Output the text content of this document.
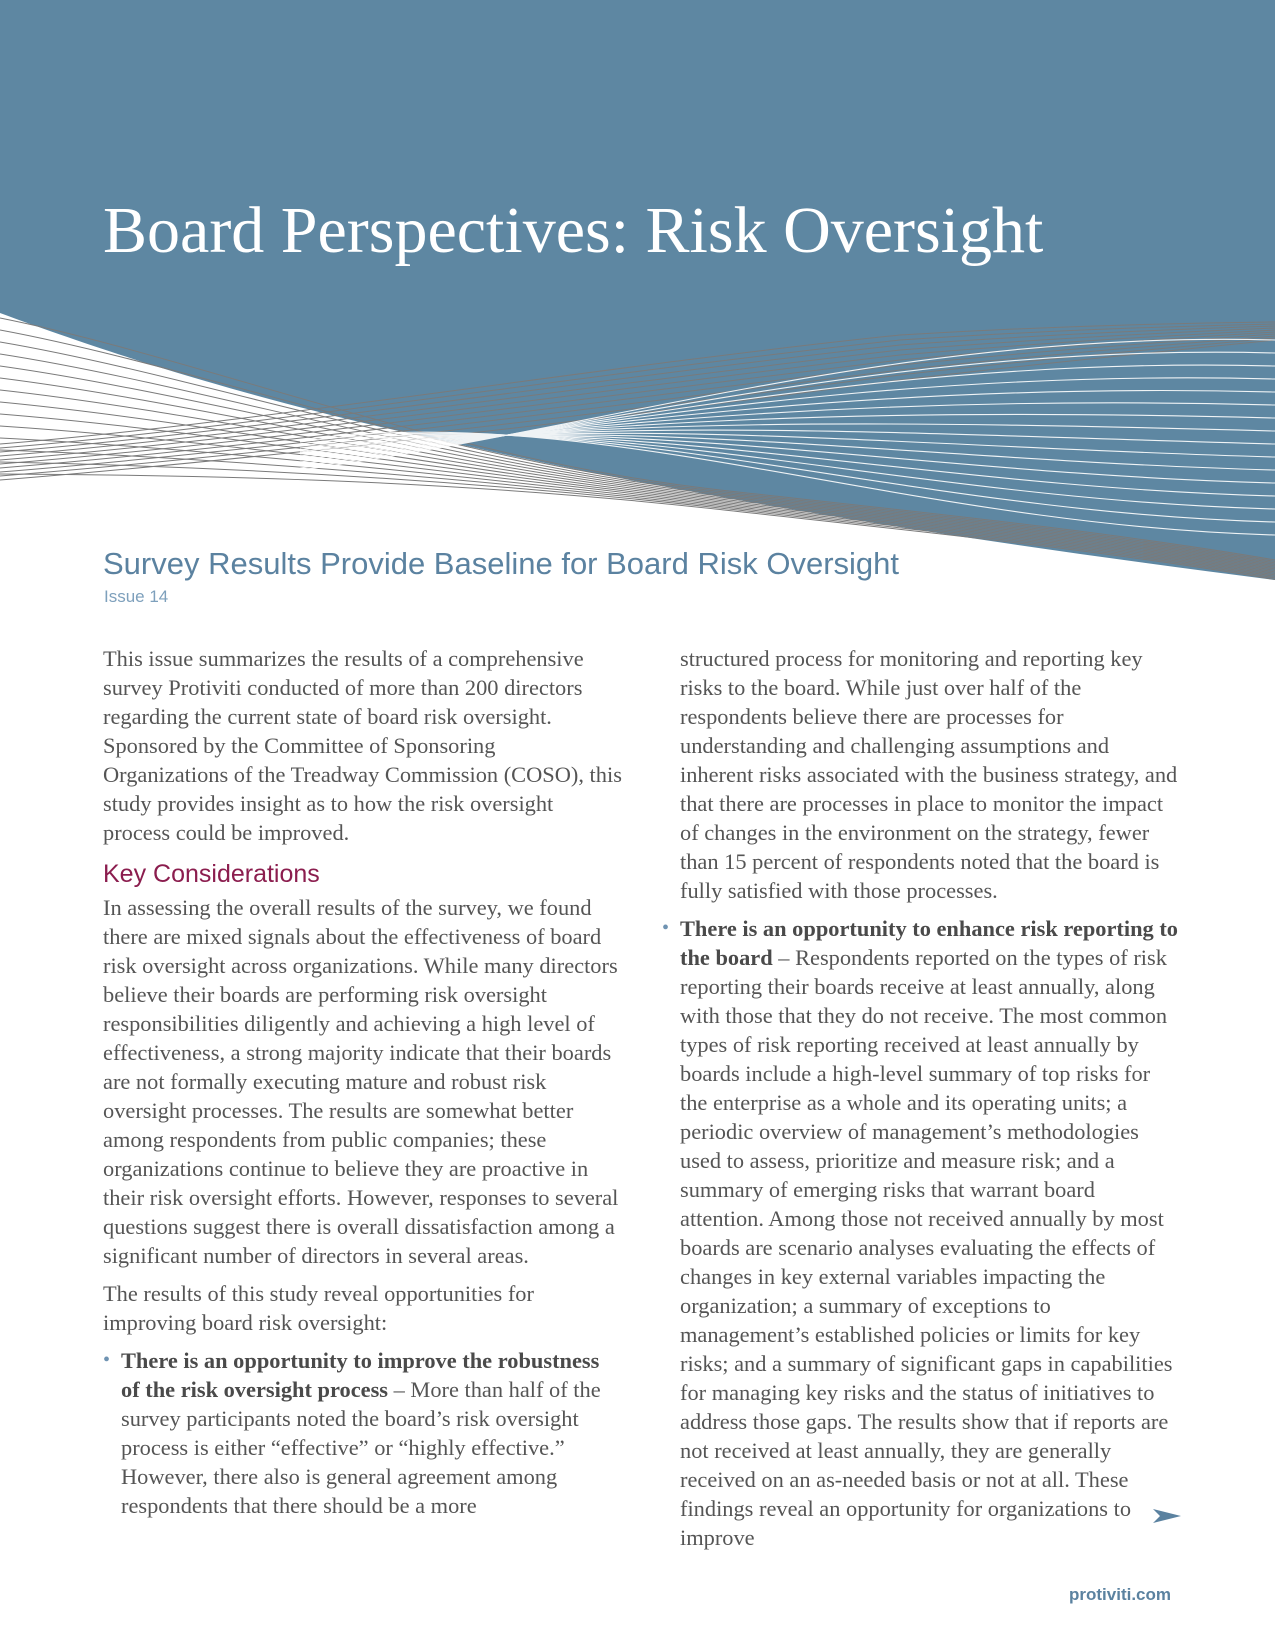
Board Perspectives: Risk Oversight
Survey Results Provide Baseline for Board Risk Oversight
Issue 14

This issue summarizes the results of a comprehensive survey Protiviti conducted of more than 200 directors regarding the current state of board risk oversight. Sponsored by the Committee of Sponsoring Organizations of the Treadway Commission (COSO), this study provides insight as to how the risk oversight process could be improved.

Key Considerations

In assessing the overall results of the survey, we found there are mixed signals about the effectiveness of board risk oversight across organizations. While many directors believe their boards are performing risk oversight responsibilities diligently and achieving a high level of effectiveness, a strong majority indicate that their boards are not formally executing mature and robust risk oversight processes. The results are somewhat better among respondents from public companies; these organizations continue to believe they are proactive in their risk oversight efforts. However, responses to several questions suggest there is overall dissatisfaction among a significant number of directors in several areas.

The results of this study reveal opportunities for improving board risk oversight:

• There is an opportunity to improve the robustness of the risk oversight process – More than half of the survey participants noted the board’s risk oversight process is either “effective” or “highly effective.” However, there also is general agreement among respondents that there should be a more

structured process for monitoring and reporting key risks to the board. While just over half of the respondents believe there are processes for understanding and challenging assumptions and inherent risks associated with the business strategy, and that there are processes in place to monitor the impact of changes in the environment on the strategy, fewer than 15 percent of respondents noted that the board is fully satisfied with those processes.

• There is an opportunity to enhance risk reporting to the board – Respondents reported on the types of risk reporting their boards receive at least annually, along with those that they do not receive. The most common types of risk reporting received at least annually by boards include a high-level summary of top risks for the enterprise as a whole and its operating units; a periodic overview of management’s methodologies used to assess, prioritize and measure risk; and a summary of emerging risks that warrant board attention. Among those not received annually by most boards are scenario analyses evaluating the effects of changes in key external variables impacting the organization; a summary of exceptions to management’s established policies or limits for key risks; and a summary of significant gaps in capabilities for managing key risks and the status of initiatives to address those gaps. The results show that if reports are not received at least annually, they are generally received on an as-needed basis or not at all. These findings reveal an opportunity for organizations to improve
protiviti.com
